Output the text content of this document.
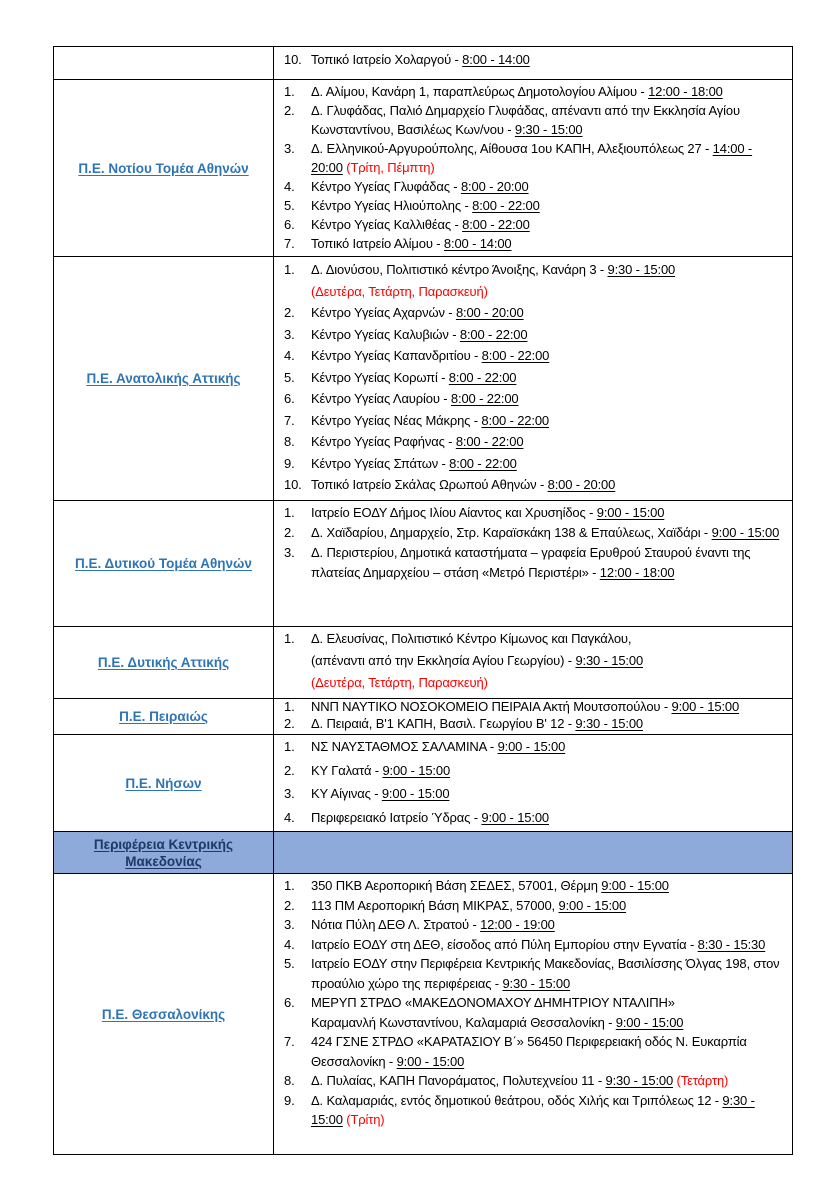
	10. Τοπικό Ιατρείο Χολαργού - 8:00 - 14:00

Π.Ε. Νοτίου Τομέα Αθηνών

1.	Δ. Αλίμου, Κανάρη 1, παραπλεύρως Δημοτολογίου Αλίμου - 12:00 - 18:00
2.	Δ. Γλυφάδας, Παλιό Δημαρχείο Γλυφάδας, απέναντι από την Εκκλησία Αγίου Κωνσταντίνου, Βασιλέως Κων/νου - 9:30 - 15:00
3.	Δ. Ελληνικού-Αργυρούπολης, Αίθουσα 1ου ΚΑΠΗ, Αλεξιουπόλεως 27 - 14:00 - 20:00 (Τρίτη, Πέμπτη)
4.	Κέντρο Υγείας Γλυφάδας - 8:00 - 20:00
5.	Κέντρο Υγείας Ηλιούπολης - 8:00 - 22:00
6.	Κέντρο Υγείας Καλλιθέας - 8:00 - 22:00
7.	Τοπικό Ιατρείο Αλίμου - 8:00 - 14:00

Π.Ε. Ανατολικής Αττικής

1.	Δ. Διονύσου, Πολιτιστικό κέντρο Άνοιξης, Κανάρη 3 - 9:30 - 15:00
(Δευτέρα, Τετάρτη, Παρασκευή)
2.	Κέντρο Υγείας Αχαρνών - 8:00 - 20:00
3.	Κέντρο Υγείας Καλυβιών - 8:00 - 22:00
4.	Κέντρο Υγείας Καπανδριτίου - 8:00 - 22:00
5.	Κέντρο Υγείας Κορωπί - 8:00 - 22:00
6.	Κέντρο Υγείας Λαυρίου - 8:00 - 22:00
7.	Κέντρο Υγείας Νέας Μάκρης - 8:00 - 22:00
8.	Κέντρο Υγείας Ραφήνας - 8:00 - 22:00
9.	Κέντρο Υγείας Σπάτων - 8:00 - 22:00
10. Τοπικό Ιατρείο Σκάλας Ωρωπού Αθηνών - 8:00 - 20:00

Π.Ε. Δυτικού Τομέα Αθηνών

1.	Ιατρείο ΕΟΔΥ Δήμος Ιλίου Αίαντος και Χρυσηίδος - 9:00 - 15:00
2.	Δ. Χαϊδαρίου, Δημαρχείο, Στρ. Καραϊσκάκη 138 & Επαύλεως, Χαϊδάρι - 9:00 - 15:00
3.	Δ. Περιστερίου, Δημοτικά καταστήματα – γραφεία Ερυθρού Σταυρού έναντι της πλατείας Δημαρχείου – στάση «Μετρό Περιστέρι» - 12:00 - 18:00

Π.Ε. Δυτικής Αττικής	1. Δ. Ελευσίνας, Πολιτιστικό Κέντρο Κίμωνος και Παγκάλου,
(απέναντι από την Εκκλησία Αγίου Γεωργίου) - 9:30 - 15:00
(Δευτέρα, Τετάρτη, Παρασκευή)

Π.Ε. Πειραιώς	1. ΝΝΠ ΝΑΥΤΙΚΟ ΝΟΣΟΚΟΜΕΙΟ ΠΕΙΡΑΙΑ Ακτή Μουτσοπούλου - 9:00 - 15:00
2. Δ. Πειραιά, Β'1 ΚΑΠΗ, Βασιλ. Γεωργίου Β' 12 - 9:30 - 15:00

Π.Ε. Νήσων

1.	ΝΣ ΝΑΥΣΤΑΘΜΟΣ ΣΑΛΑΜΙΝΑ - 9:00 - 15:00
2.	ΚΥ Γαλατά - 9:00 - 15:00
3.	ΚΥ Αίγινας - 9:00 - 15:00
4.	Περιφερειακό Ιατρείο Ύδρας - 9:00 - 15:00

Περιφέρεια Κεντρικής Μακεδονίας	

Π.Ε. Θεσσαλονίκης

1.	350 ΠΚΒ Αεροπορική Βάση ΣΕΔΕΣ, 57001, Θέρμη 9:00 - 15:00
2.	113 ΠΜ Αεροπορική Βάση ΜΙΚΡΑΣ, 57000, 9:00 - 15:00
3.	Νότια Πύλη ΔΕΘ Λ. Στρατού - 12:00 - 19:00
4.	Ιατρείο ΕΟΔΥ στη ΔΕΘ, είσοδος από Πύλη Εμπορίου στην Εγνατία - 8:30 - 15:30
5.	Ιατρείο ΕΟΔΥ στην Περιφέρεια Κεντρικής Μακεδονίας, Βασιλίσσης Όλγας 198, στον προαύλιο χώρο της περιφέρειας - 9:30 - 15:00
6.	ΜΕΡΥΠ ΣΤΡΔΟ «ΜΑΚΕΔΟΝΟΜΑΧΟΥ ΔΗΜΗΤΡΙΟΥ ΝΤΑΛΙΠΗ»
Καραμανλή Κωνσταντίνου, Καλαμαριά Θεσσαλονίκη - 9:00 - 15:00
7.	424 ΓΣΝΕ ΣΤΡΔΟ «ΚΑΡΑΤΑΣΙΟΥ Β΄» 56450 Περιφερειακή οδός Ν. Ευκαρπία Θεσσαλονίκη - 9:00 - 15:00
8.	Δ. Πυλαίας, ΚΑΠΗ Πανοράματος, Πολυτεχνείου 11 - 9:30 - 15:00 (Τετάρτη)
9.	Δ. Καλαμαριάς, εντός δημοτικού θεάτρου, οδός Χιλής και Τριπόλεως 12 - 9:30 - 15:00 (Τρίτη)
